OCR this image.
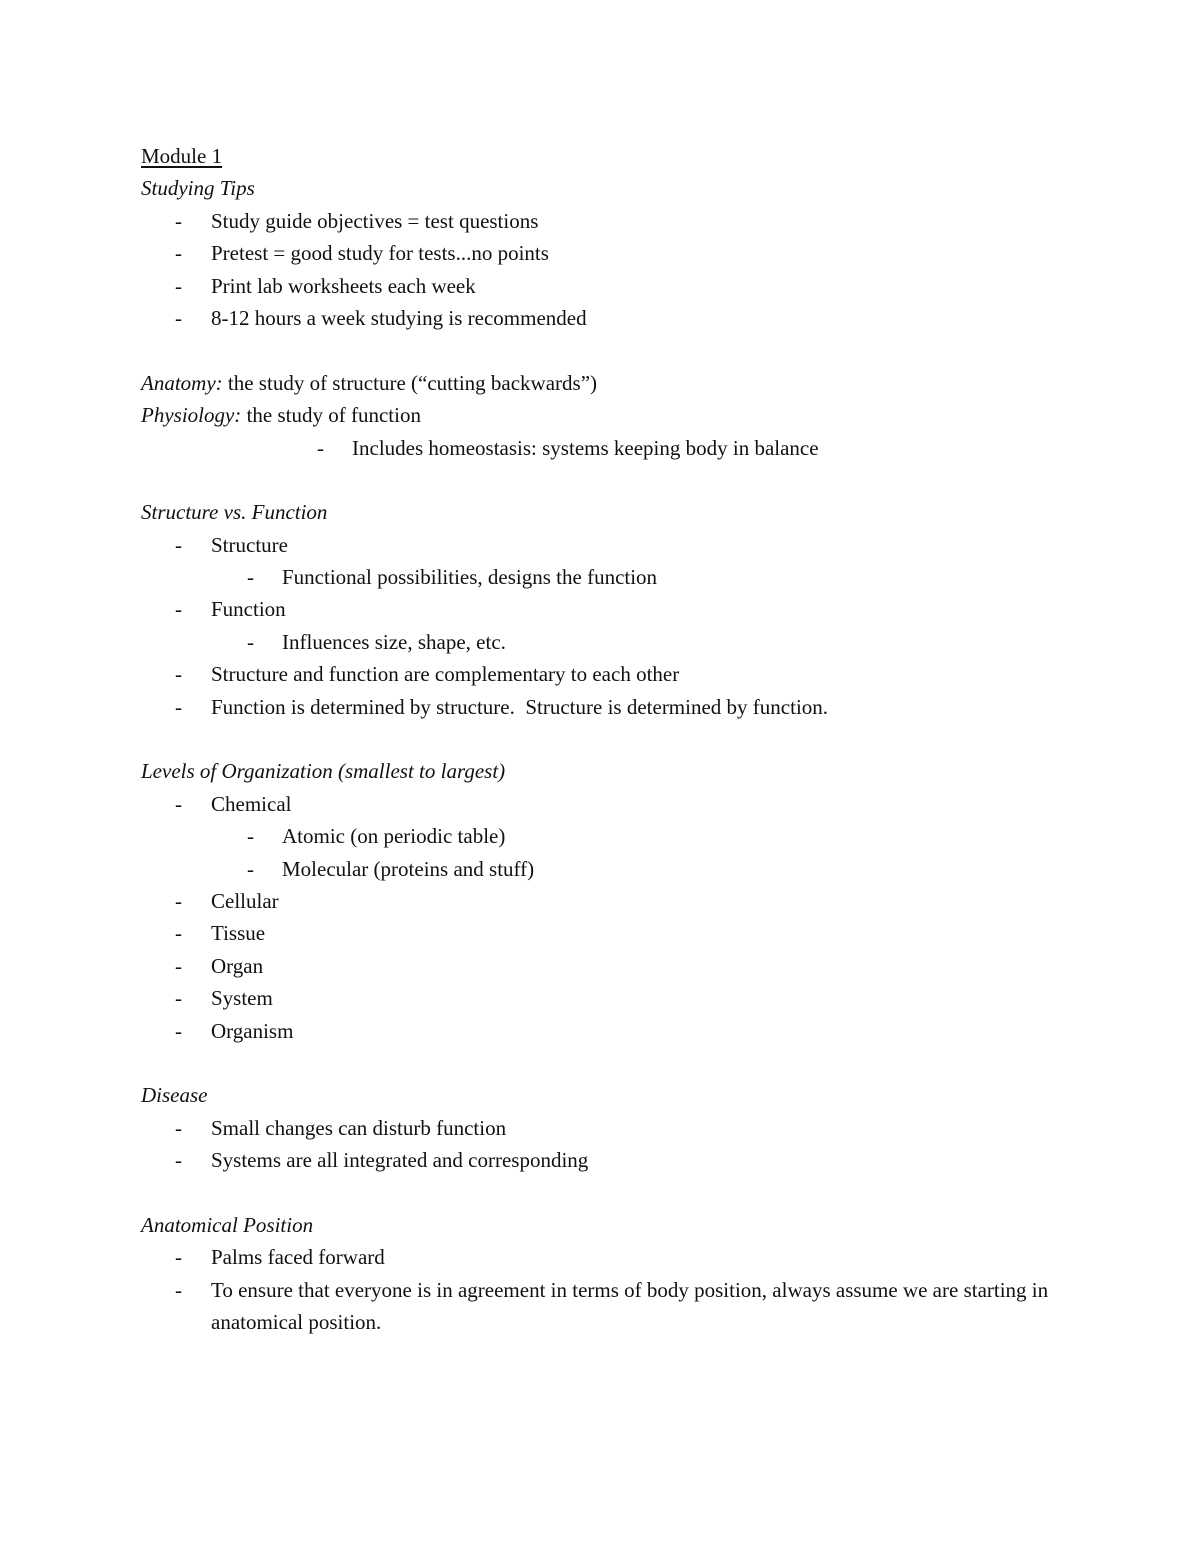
Module 1
Studying Tips
- Study guide objectives = test questions
- Pretest = good study for tests...no points
- Print lab worksheets each week
- 8-12 hours a week studying is recommended
Anatomy: the study of structure (“cutting backwards”)
Physiology: the study of function
- Includes homeostasis: systems keeping body in balance
Structure vs. Function
- Structure
- Functional possibilities, designs the function
- Function
- Influences size, shape, etc.
- Structure and function are complementary to each other
- Function is determined by structure.  Structure is determined by function.
Levels of Organization (smallest to largest)
- Chemical
- Atomic (on periodic table)
- Molecular (proteins and stuff)
- Cellular
- Tissue
- Organ
- System
- Organism
Disease
- Small changes can disturb function
- Systems are all integrated and corresponding
Anatomical Position
- Palms faced forward
- To ensure that everyone is in agreement in terms of body position, always assume we are starting in anatomical position.
